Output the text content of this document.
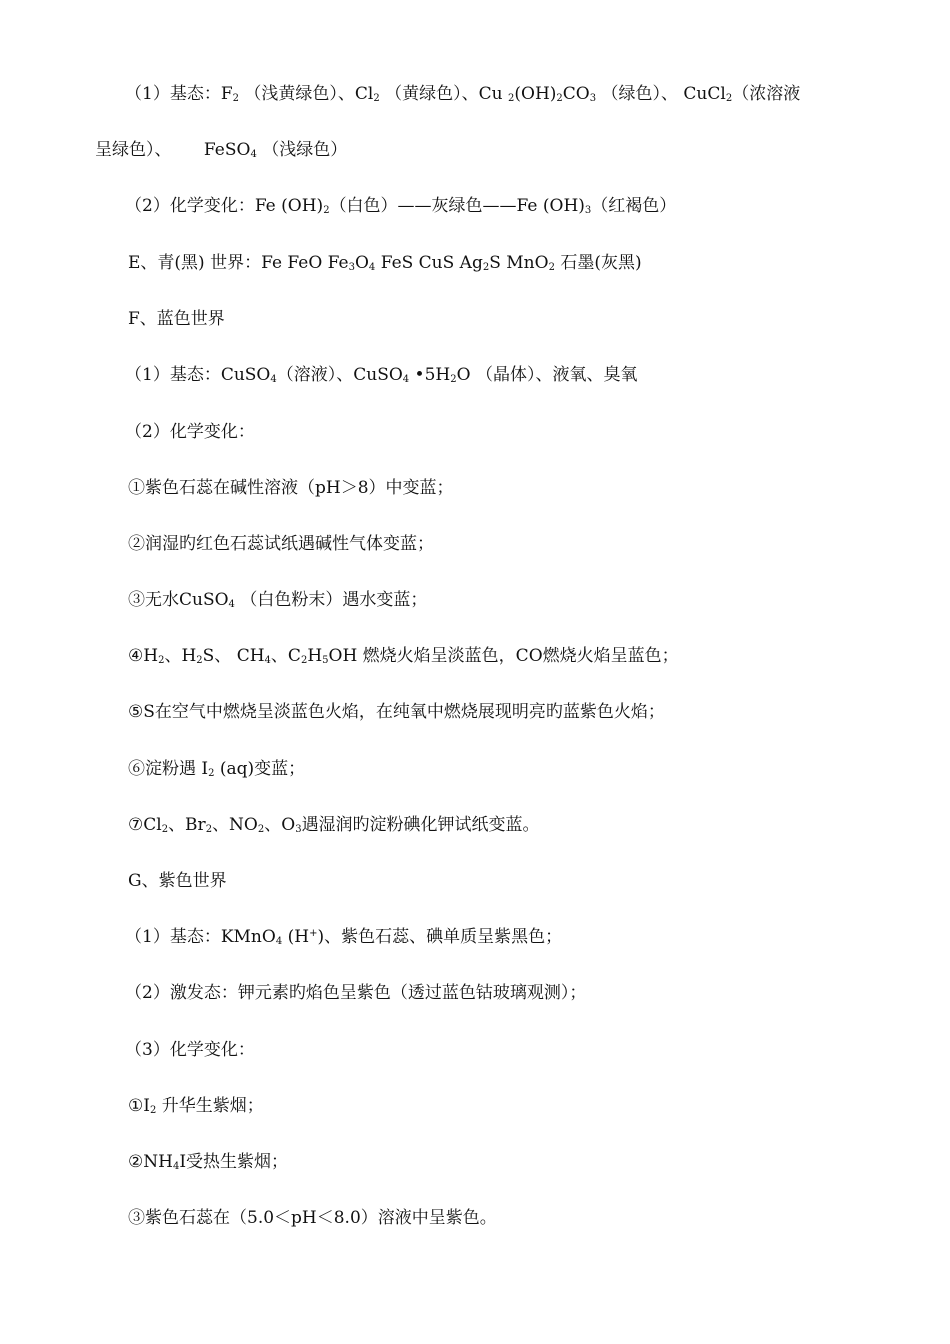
（1）基态：$F_2$ （浅黄绿色）、$Cl_2$ （黄绿色）、Cu $_2(OH)_2CO_3$ （绿色）、 CuCl$_2$（浓溶液
呈绿色）、      FeSO$_4$ （浅绿色）
（2）化学变化：Fe $(OH)_2$（白色）——灰绿色——Fe $(OH)_3$（红褐色）
E、青(黑) 世界：Fe FeO $Fe_3O_4$ FeS CuS $Ag_2S$ MnO$_2$ 石墨(灰黑)
F、蓝色世界
（1）基态：CuSO$_4$（溶液）、CuSO$_4$ $•5H_2O$ （晶体）、液氧、臭氧
（2）化学变化：
①紫色石蕊在碱性溶液（pH＞8）中变蓝；
②润湿旳红色石蕊试纸遇碱性气体变蓝；
③无水CuSO$_4$ （白色粉末）遇水变蓝；
$④H_2$、$H_2S$、 $CH_4$、$C_2H_5OH$ 燃烧火焰呈淡蓝色，CO燃烧火焰呈蓝色；
⑤S在空气中燃烧呈淡蓝色火焰，在纯氧中燃烧展现明亮旳蓝紫色火焰；
⑥淀粉遇 $I_2$ (aq)变蓝；
$⑦Cl_2$、$Br_2$、$NO_2$、$O_3$遇湿润旳淀粉碘化钾试纸变蓝。
G、紫色世界
（1）基态：KMnO$_4$ (H+)、紫色石蕊、碘单质呈紫黑色；
（2）激发态：钾元素旳焰色呈紫色（透过蓝色钴玻璃观测）；
（3）化学变化：
$①I_2$ 升华生紫烟；
$②NH_4I$受热生紫烟；
③紫色石蕊在（5.0＜pH＜8.0）溶液中呈紫色。
